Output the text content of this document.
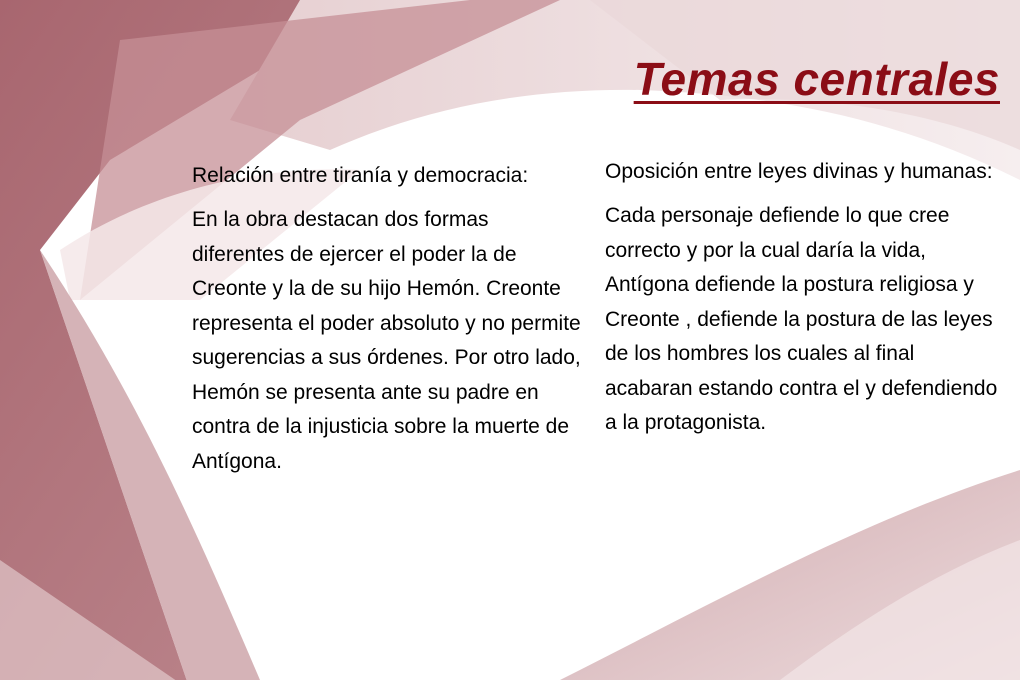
Temas centrales

Relación entre tiranía y democracia:

En la obra destacan dos formas diferentes de ejercer el poder la de Creonte y la de su hijo Hemón. Creonte representa el poder absoluto y no permite sugerencias a sus órdenes. Por otro lado, Hemón se presenta ante su padre en contra de la injusticia sobre la muerte de Antígona.

Oposición entre leyes divinas y humanas:

Cada personaje defiende lo que cree correcto y por la cual daría la vida, Antígona defiende la postura religiosa y Creonte , defiende la postura de las leyes de los hombres los cuales al final acabaran estando contra el y defendiendo a la protagonista.
